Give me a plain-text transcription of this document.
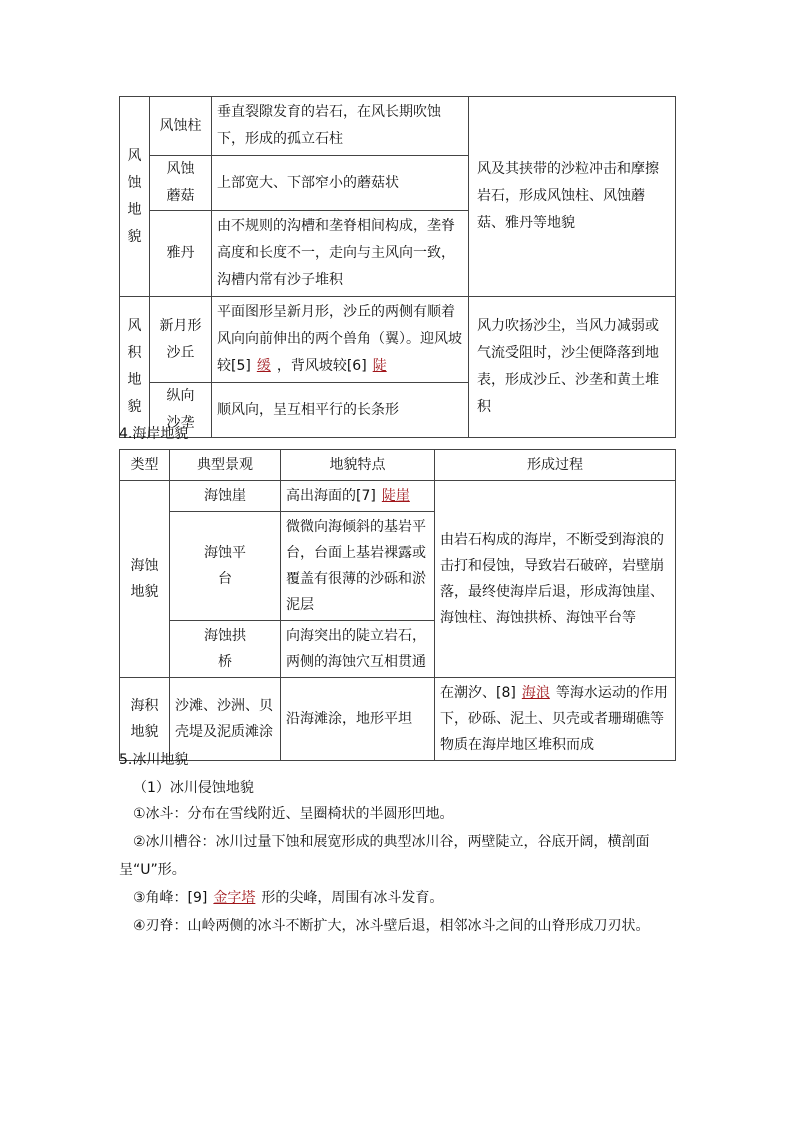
风蚀地貌	风蚀柱	垂直裂隙发育的岩石，在风长期吹蚀下，形成的孤立石柱	风及其挟带的沙粒冲击和摩擦岩石，形成风蚀柱、风蚀蘑菇、雅丹等地貌
	风蚀蘑菇	上部宽大、下部窄小的蘑菇状	
	雅丹	由不规则的沟槽和垄脊相间构成，垄脊高度和长度不一，走向与主风向一致，沟槽内常有沙子堆积	
风积地貌	新月形沙丘	平面图形呈新月形，沙丘的两侧有顺着风向向前伸出的两个兽角（翼）。迎风坡较[5] 缓 ，背风坡较[6] 陡	风力吹扬沙尘，当风力减弱或气流受阻时，沙尘便降落到地表，形成沙丘、沙垄和黄土堆积
	纵向沙垄	顺风向，呈互相平行的长条形	
4.海岸地貌
类型	典型景观	地貌特点	形成过程
海蚀地貌	海蚀崖	高出海面的[7] 陡崖	由岩石构成的海岸，不断受到海浪的击打和侵蚀，导致岩石破碎，岩壁崩落，最终使海岸后退，形成海蚀崖、海蚀柱、海蚀拱桥、海蚀平台等
	海蚀平台	微微向海倾斜的基岩平台，台面上基岩裸露或覆盖有很薄的沙砾和淤泥层	
	海蚀拱桥	向海突出的陡立岩石，两侧的海蚀穴互相贯通	
海积地貌	沙滩、沙洲、贝壳堤及泥质滩涂	沿海滩涂，地形平坦	在潮汐、[8] 海浪 等海水运动的作用下，砂砾、泥土、贝壳或者珊瑚礁等物质在海岸地区堆积而成
5.冰川地貌
（1）冰川侵蚀地貌
①冰斗：分布在雪线附近、呈圈椅状的半圆形凹地。
②冰川槽谷：冰川过量下蚀和展宽形成的典型冰川谷，两壁陡立，谷底开阔，横剖面呈“U”形。
③角峰：[9] 金字塔 形的尖峰，周围有冰斗发育。
④刃脊：山岭两侧的冰斗不断扩大，冰斗壁后退，相邻冰斗之间的山脊形成刀刃状。
